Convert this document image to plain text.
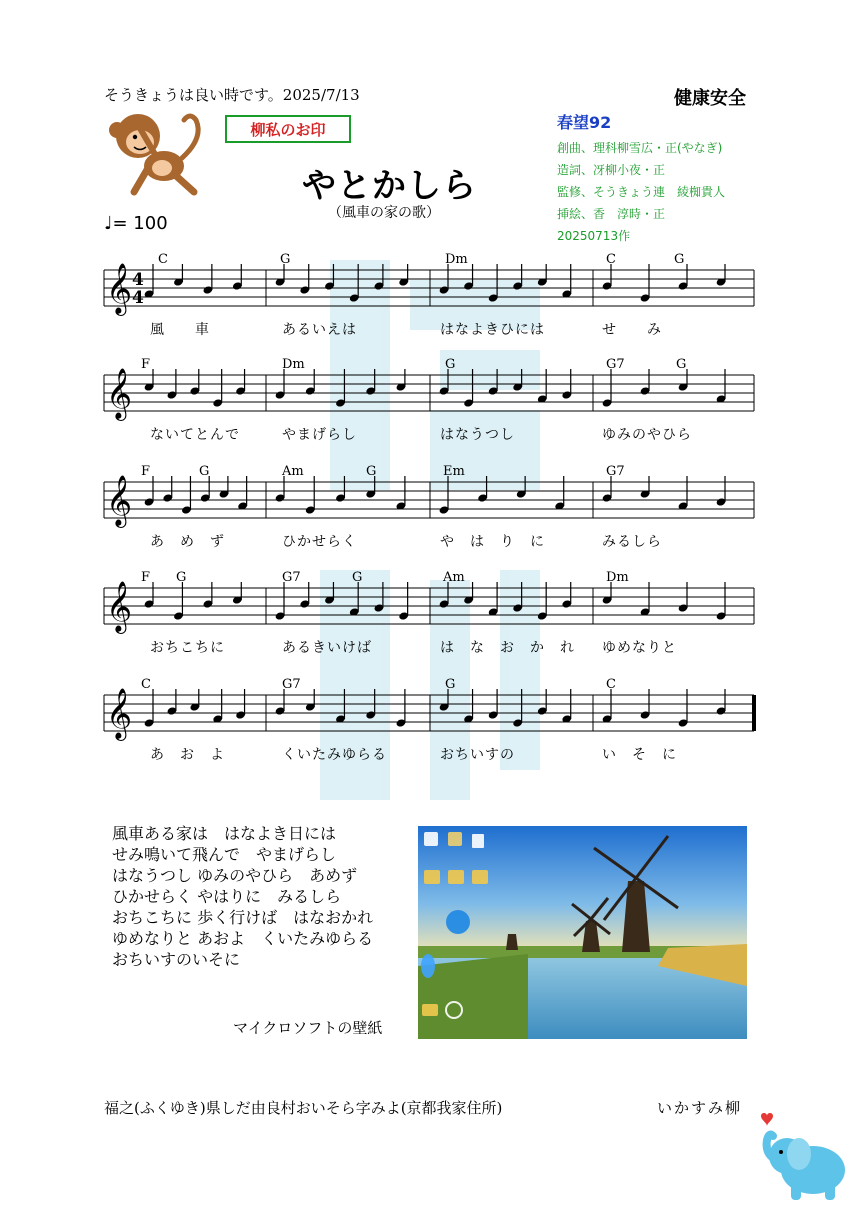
そうきょうは良い時です。2025/7/13	健康安全
柳私のお印
やとかしら
（風車の家の歌）
♩= 100
春望92
創曲、理科柳雪広・正(やなぎ)
造詞、冴柳小夜・正
監修、そうきょう連　綾椥貴人
挿絵、香　淳時・正
20250713作
𝄞 4
4
𝄞
𝄞
𝄞
𝄞
C	G	Dm	C	G
風　　車	あるいえは	はなよきひには	せ　　み
F	Dm	G	G7	G
ないてとんで	やまげらし	はなうつし	ゆみのやひら
F	G	Am	G	Em	G7
あ　め　ず	ひかせらく	や　は　り　に	みるしら
F G	G7	G	Am	Dm
おちこちに	あるきいけば	は　な　お　か　れ ゆめなりと
C	G7	G	C
あ　お　よ	くいたみゆらる	おちいすの	い　そ　に
風車ある家は　はなよき日には
せみ鳴いて飛んで　やまげらし
はなうつし ゆみのやひら　あめず
ひかせらく やはりに　みるしら
おちこちに 歩く行けば　はなおかれ
ゆめなりと あおよ　くいたみゆらる
おちいすのいそに
マイクロソフトの壁紙
福之(ふくゆき)県しだ由良村おいそら字みよ(京都我家住所)	いかすみ柳
